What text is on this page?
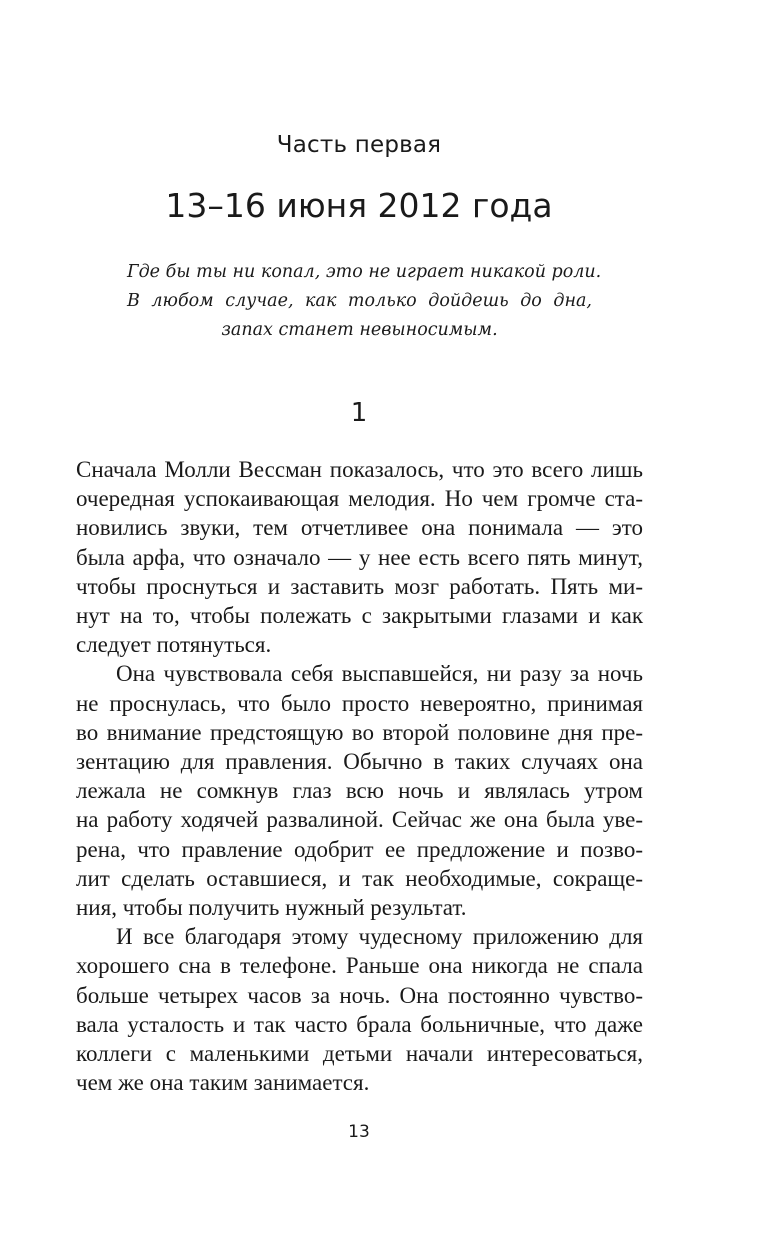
Часть первая
13–16 июня 2012 года
Где бы ты ни копал, это не играет никакой роли.
В любом случае, как только дойдешь до дна,
запах станет невыносимым.
1
Сначала Молли Вессман показалось, что это всего лишь
очередная успокаивающая мелодия. Но чем громче ста-
новились звуки, тем отчетливее она понимала — это
была арфа, что означало — у нее есть всего пять минут,
чтобы проснуться и заставить мозг работать. Пять ми-
нут на то, чтобы полежать с закрытыми глазами и как
следует потянуться.
Она чувствовала себя выспавшейся, ни разу за ночь
не проснулась, что было просто невероятно, принимая
во внимание предстоящую во второй половине дня пре-
зентацию для правления. Обычно в таких случаях она
лежала не сомкнув глаз всю ночь и являлась утром
на работу ходячей развалиной. Сейчас же она была уве-
рена, что правление одобрит ее предложение и позво-
лит сделать оставшиеся, и так необходимые, сокраще-
ния, чтобы получить нужный результат.
И все благодаря этому чудесному приложению для
хорошего сна в телефоне. Раньше она никогда не спала
больше четырех часов за ночь. Она постоянно чувство-
вала усталость и так часто брала больничные, что даже
коллеги с маленькими детьми начали интересоваться,
чем же она таким занимается.
13
